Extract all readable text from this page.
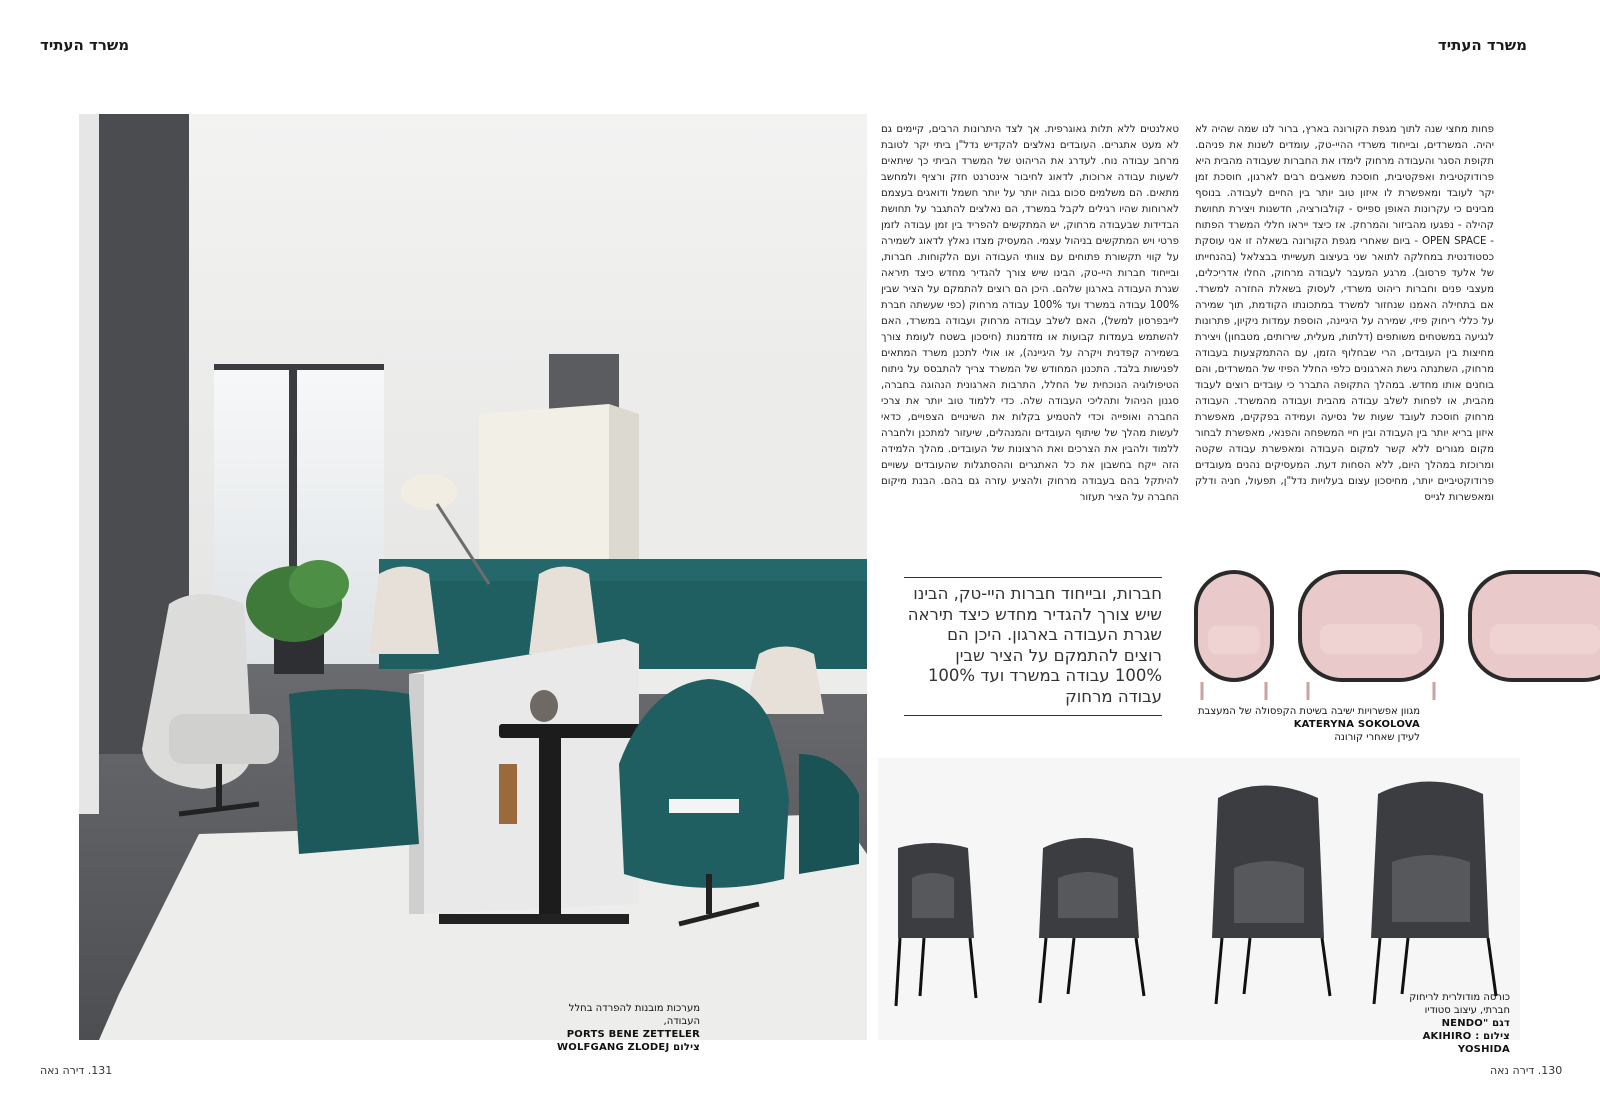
משרד העתיד	משרד העתיד
מערכות מובנות להפרדה בחלל העבודה,
PORTS BENE ZETTELER
צילום WOLFGANG ZLODEJ

פחות מחצי שנה לתוך מגפת הקורונה בארץ, ברור לנו שמה שהיה לא יהיה. המשרדים, ובייחוד משרדי ההיי-טק, עומדים לשנות את פניהם. תקופת הסגר והעבודה מרחוק לימדו את החברות שעבודה מהבית היא פרודוקטיבית ואפקטיבית, חוסכת משאבים רבים לארגון, חוסכת זמן יקר לעובד ומאפשרת לו איזון טוב יותר בין החיים לעבודה. בנוסף מבינים כי עקרונות האופן ספייס - קולבורציה, חדשנות ויצירת תחושת קהילה - נפגעו מהביזור והמרחק. אז כיצד ייראו חללי המשרד הפתוח - OPEN SPACE - ביום שאחרי מגפת הקורונה בשאלה זו אני עוסקת כסטודנטית במחלקה לתואר שני בעיצוב תעשייתי בבצלאל (בהנחייתו של אלעד פרסוב). מרגע המעבר לעבודה מרחוק, החלו אדריכלים, מעצבי פנים וחברות ריהוט משרדי, לעסוק בשאלת החזרה למשרד. אם בתחילה האמנו שנחזור למשרד במתכונתו הקודמת, תוך שמירה על כללי ריחוק פיזי, שמירה על היגיינה, הוספת עמדות ניקיון, פתרונות לנגיעה במשטחים משותפים (דלתות, מעלית, שירותים, מטבחון) ויצירת מחיצות בין העובדים, הרי שבחלוף הזמן, עם ההתמקצעות בעבודה מרחוק, השתנתה גישת הארגונים כלפי החלל הפיזי של המשרדים, והם בוחנים אותו מחדש. במהלך התקופה התברר כי עובדים רוצים לעבוד מהבית, או לפחות לשלב עבודה מהבית ועבודה מהמשרד. העבודה מרחוק חוסכת לעובד שעות של נסיעה ועמידה בפקקים, מאפשרת איזון בריא יותר בין העבודה ובין חיי המשפחה והפנאי, מאפשרת לבחור מקום מגורים ללא קשר למקום העבודה ומאפשרת עבודה שקטה ומרוכזת במהלך היום, ללא הסחות דעת. המעסיקים נהנים מעובדים פרודוקטיביים יותר, מחיסכון עצום בעלויות נדל"ן, תפעול, חניה ודלק ומאפשרות לגייס

טאלנטים ללא תלות גאוגרפית. אך לצד היתרונות הרבים, קיימים גם לא מעט אתגרים. העובדים נאלצים להקדיש נדל"ן ביתי יקר לטובת מרחב עבודה נוח. לעדרג את הריהוט של המשרד הביתי כך שיתאים לשעות עבודה ארוכות, לדאוג לחיבור אינטרנט חזק ורציף ולמחשב מתאים. הם משלמים סכום גבוה יותר על יותר חשמל ודואגים בעצמם לארוחות שהיו רגילים לקבל במשרד, הם נאלצים להתגבר על תחושת הבדידות שבעבודה מרחוק, יש המתקשים להפריד בין זמן עבודה לזמן פרטי ויש המתקשים בניהול עצמי. המעסיק מצדו נאלץ לדאוג לשמירה על קווי תקשורת פתוחים עם צוותי העבודה ועם הלקוחות. חברות, ובייחוד חברות היי-טק, הבינו שיש צורך להגדיר מחדש כיצד תיראה שגרת העבודה בארגון שלהם. היכן הם רוצים להתמקם על הציר שבין 100% עבודה במשרד ועד 100% עבודה מרחוק (כפי שעשתה חברת לייבפרסון למשל), האם לשלב עבודה מרחוק ועבודה במשרד, האם להשתמש בעמדות קבועות או מזדמנות (חיסכון בשטח לעומת צורך בשמירה קפדנית ויקרה על היגיינה), או אולי לתכנן משרד המתאים לפגישות בלבד. התכנון המחודש של המשרד צריך להתבסס על ניתוח הטיפולוגיה הנוכחית של החלל, התרבות הארגונית הנהוגה בחברה, סגנון הניהול ותהליכי העבודה שלה. כדי ללמוד טוב יותר את צרכי החברה ואופייה וכדי להטמיע בקלות את השינויים הצפויים, כדאי לעשות מהלך של שיתוף העובדים והמנהלים, שיעזור למתכנן ולחברה ללמוד ולהבין את הצרכים ואת הרצונות של העובדים. מהלך הלמידה הזה ייקח בחשבון את כל האתגרים וההסתגלות שהעובדים עשויים להיתקל בהם בעבודה מרחוק ולהציע עזרה גם בהם. הבנת מיקום החברה על הציר תעזור

חברות, ובייחוד חברות היי-טק, הבינו שיש צורך להגדיר מחדש כיצד תיראה שגרת העבודה בארגון. היכן הם רוצים להתמקם על הציר שבין 100% עבודה במשרד ועד 100% עבודה מרחוק
מגוון אפשרויות ישיבה בשיטת הקפסולה של המעצבת
KATERYNA SOKOLOVA
לעידן שאחרי קורונה
כורסה מודולרית לריחוק
חברתי, עיצוב סטודיו
דגם "NENDO
צילום : AKIHIRO YOSHIDA
131. דירה נאה	130. דירה נאה
